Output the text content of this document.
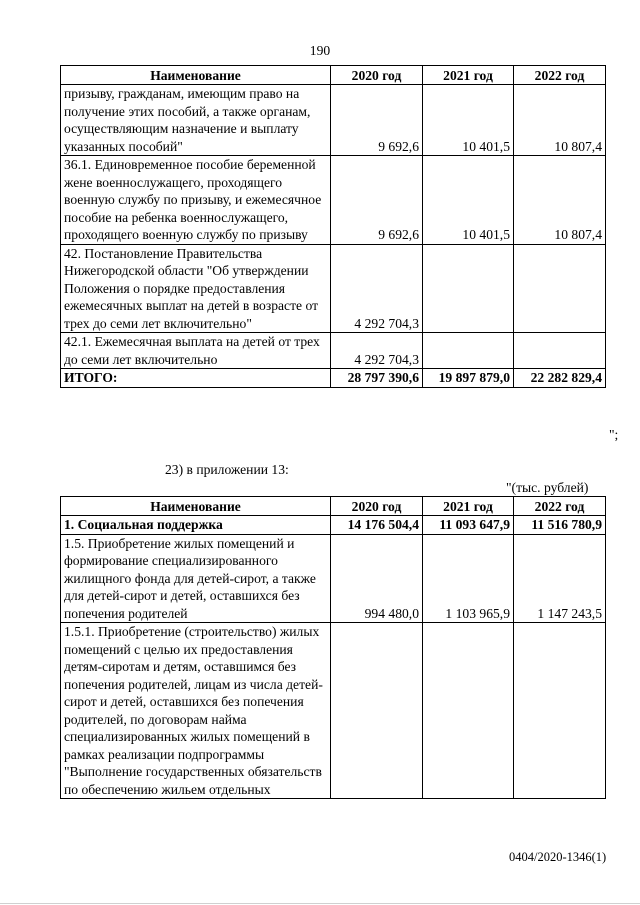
190
Наименование	2020 год	2021 год	2022 год
призыву, гражданам, имеющим право на получение этих пособий, а также органам, осуществляющим назначение и выплату указанных пособий"	9 692,6	10 401,5	10 807,4
36.1. Единовременное пособие беременной жене военнослужащего, проходящего военную службу по призыву, и ежемесячное пособие на ребенка военнослужащего, проходящего военную службу по призыву	9 692,6	10 401,5	10 807,4
42. Постановление Правительства Нижегородской области "Об утверждении Положения о порядке предоставления ежемесячных выплат на детей в возрасте от трех до семи лет включительно"	4 292 704,3		
42.1. Ежемесячная выплата на детей от трех до семи лет включительно	4 292 704,3		
ИТОГО:	28 797 390,6	19 897 879,0	22 282 829,4
";
23) в приложении 13:
"(тыс. рублей)
Наименование	2020 год	2021 год	2022 год
1. Социальная поддержка	14 176 504,4	11 093 647,9	11 516 780,9
1.5. Приобретение жилых помещений и формирование специализированного жилищного фонда для детей-сирот, а также для детей-сирот и детей, оставшихся без попечения родителей	994 480,0	1 103 965,9	1 147 243,5
1.5.1. Приобретение (строительство) жилых помещений с целью их предоставления детям-сиротам и детям, оставшимся без попечения родителей, лицам из числа детей-сирот и детей, оставшихся без попечения родителей, по договорам найма специализированных жилых помещений в рамках реализации подпрограммы "Выполнение государственных обязательств по обеспечению жильем отдельных			
0404/2020-1346(1)
